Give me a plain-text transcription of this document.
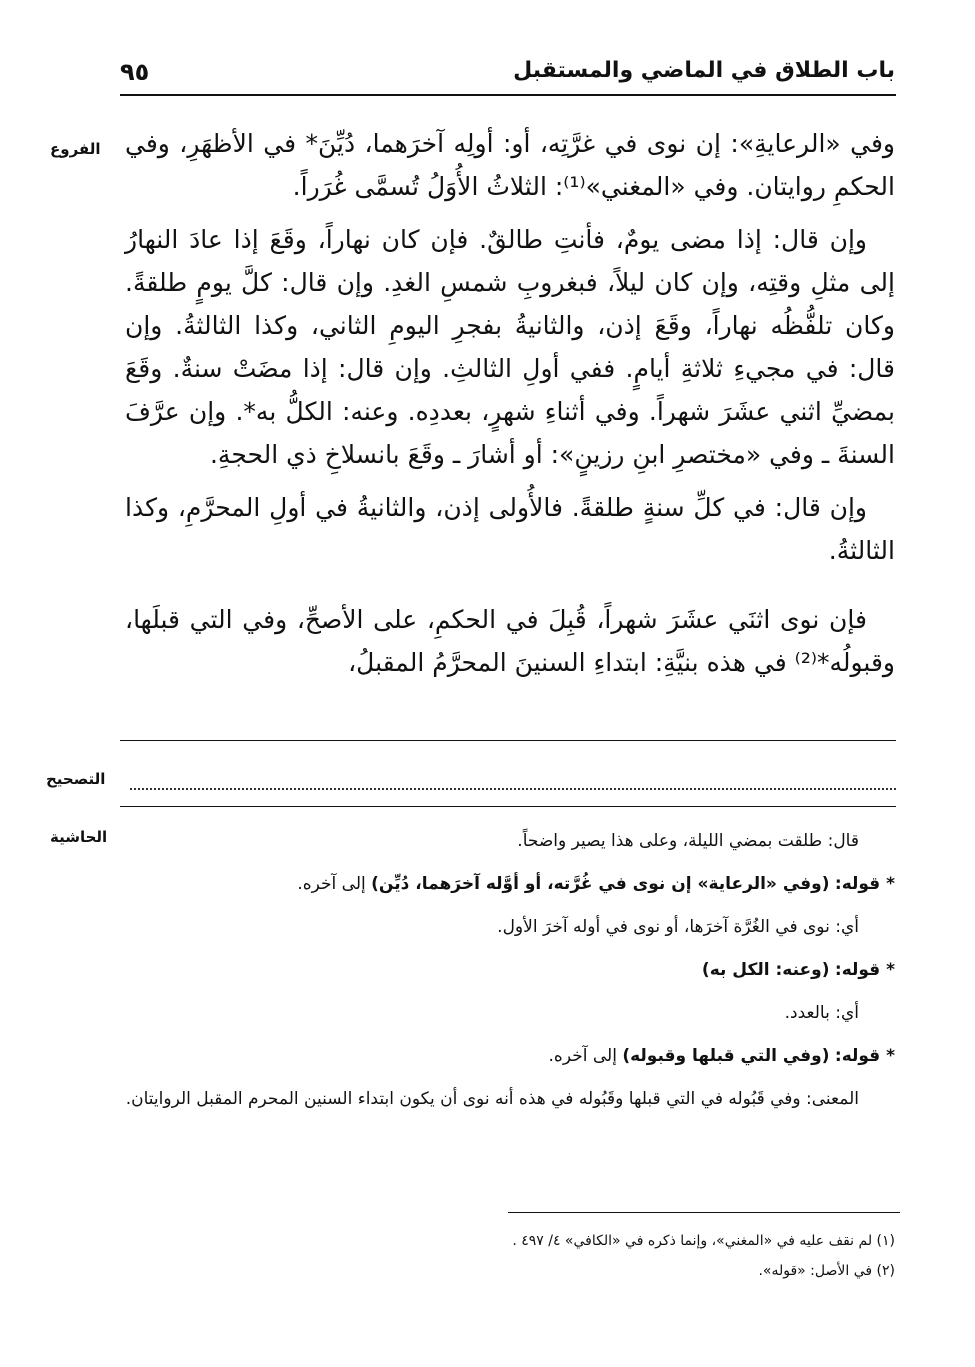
باب الطلاق في الماضي والمستقبل
٩٥
الفروع
التصحيح
الحاشية

وفي «الرعايةِ»: إن نوى في غرَّتِه، أو: أولِه آخرَهما، دُيِّنَ* في الأظهَرِ، وفي الحكمِ روايتان. وفي «المغني»⁽¹⁾: الثلاثُ الأُوَلُ تُسمَّى غُرَراً.

وإن قال: إذا مضى يومٌ، فأنتِ طالقٌ. فإن كان نهاراً، وقَعَ إذا عادَ النهارُ إلى مثلِ وقتِه، وإن كان ليلاً، فبغروبِ شمسِ الغدِ. وإن قال: كلَّ يومٍ طلقةً. وكان تلفُّظُه نهاراً، وقَعَ إذن، والثانيةُ بفجرِ اليومِ الثاني، وكذا الثالثةُ. وإن قال: في مجيءِ ثلاثةِ أيامٍ. ففي أولِ الثالثِ. وإن قال: إذا مضَتْ سنةٌ. وقَعَ بمضيِّ اثني عشَرَ شهراً. وفي أثناءِ شهرٍ، بعددِه. وعنه: الكلُّ به*. وإن عرَّفَ السنةَ ـ وفي «مختصرِ ابنِ رزينٍ»: أو أشارَ ـ وقَعَ بانسلاخِ ذي الحجةِ.

وإن قال: في كلِّ سنةٍ طلقةً. فالأُولى إذن، والثانيةُ في أولِ المحرَّمِ، وكذا الثالثةُ.

فإن نوى اثنَي عشَرَ شهراً، قُبِلَ في الحكمِ، على الأصحِّ، وفي التي قبلَها، وقبولُه*⁽²⁾ في هذه بنيَّةِ: ابتداءِ السنينَ المحرَّمُ المقبلُ،

قال: طلقت بمضي الليلة، وعلى هذا يصير واضحاً.

* قوله: (وفي «الرعاية» إن نوى في غُرَّته، أو أوَّله آخرَهما، دُيِّن) إلى آخره.

أي: نوى في الغُرَّة آخرَها، أو نوى في أوله آخرَ الأول.

* قوله: (وعنه: الكل به)

أي: بالعدد.

* قوله: (وفي التي قبلها وقبوله) إلى آخره.

المعنى: وفي قَبُوله في التي قبلها وقَبُوله في هذه أنه نوى أن يكون ابتداء السنين المحرم المقبل الروايتان.

(١) لم نقف عليه في «المغني»، وإنما ذكره في «الكافي» ٤/ ٤٩٧ .
(٢) في الأصل: «قوله».
